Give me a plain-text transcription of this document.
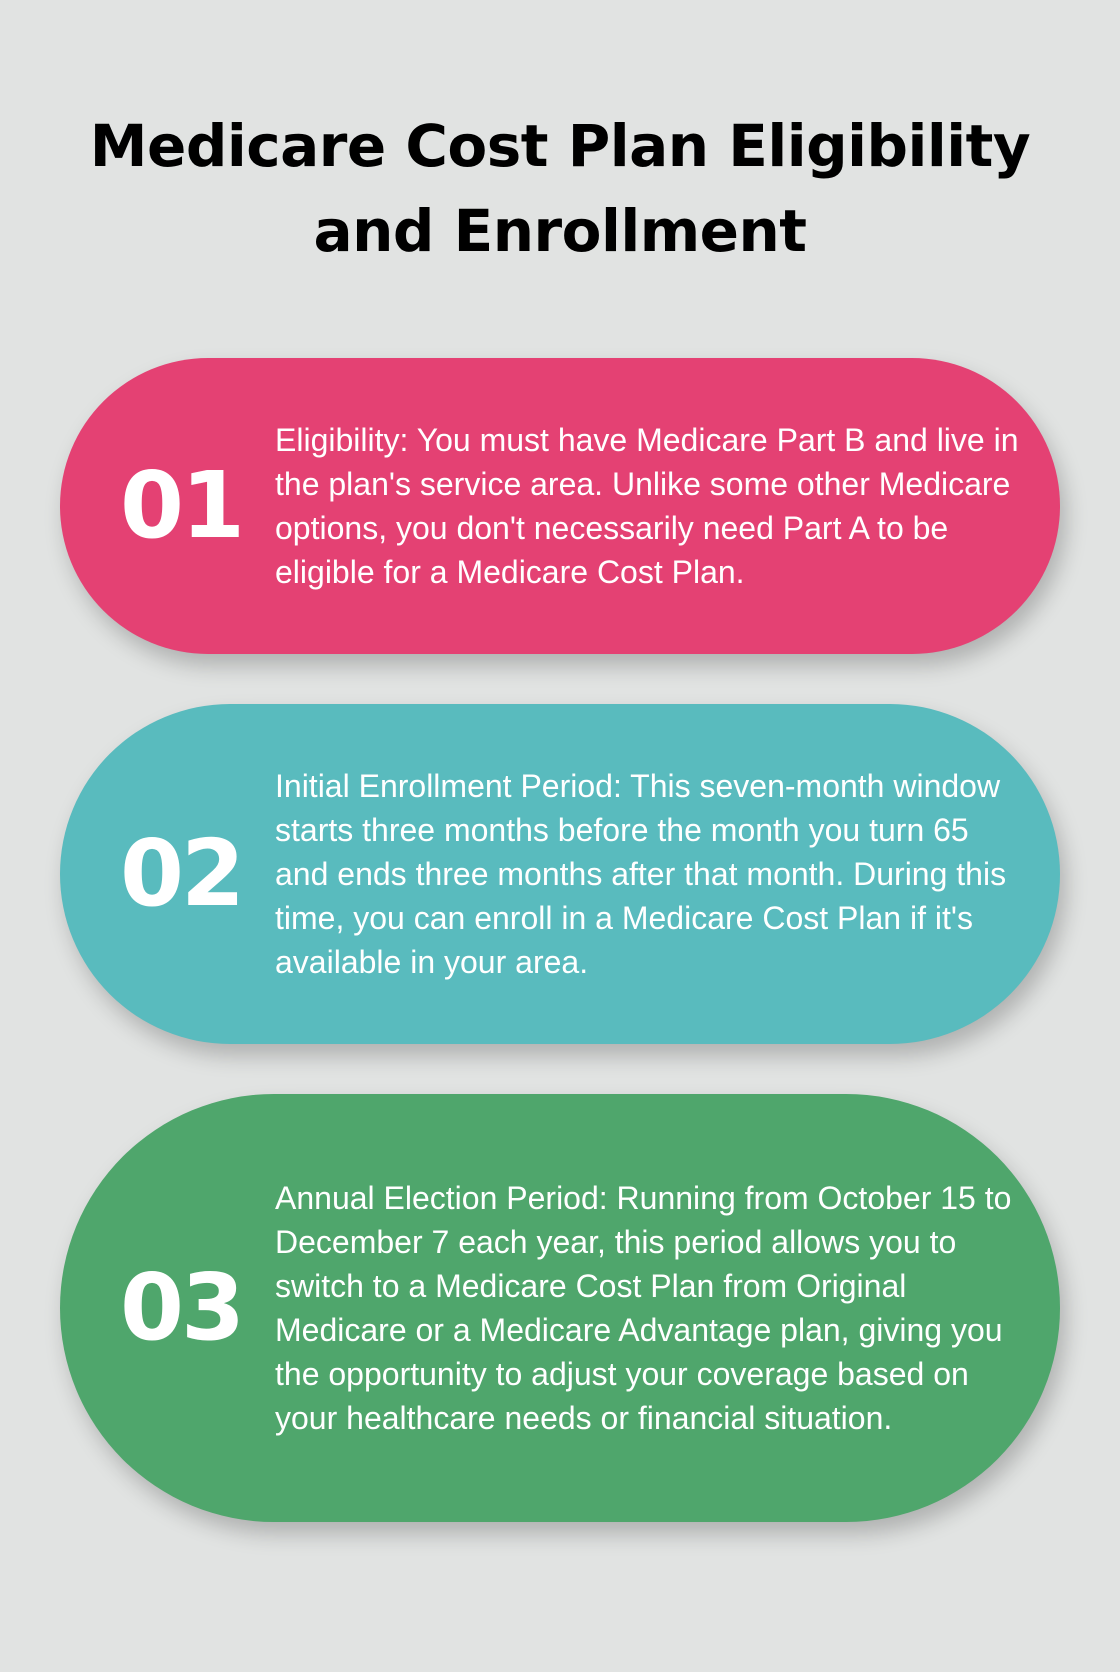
Medicare Cost Plan Eligibility and Enrollment
01

Eligibility: You must have Medicare Part B and live in the plan's service area. Unlike some other Medicare options, you don't necessarily need Part A to be eligible for a Medicare Cost Plan.

02

Initial Enrollment Period: This seven-month window starts three months before the month you turn 65 and ends three months after that month. During this time, you can enroll in a Medicare Cost Plan if it's available in your area.

03

Annual Election Period: Running from October 15 to December 7 each year, this period allows you to switch to a Medicare Cost Plan from Original Medicare or a Medicare Advantage plan, giving you the opportunity to adjust your coverage based on your healthcare needs or financial situation.
